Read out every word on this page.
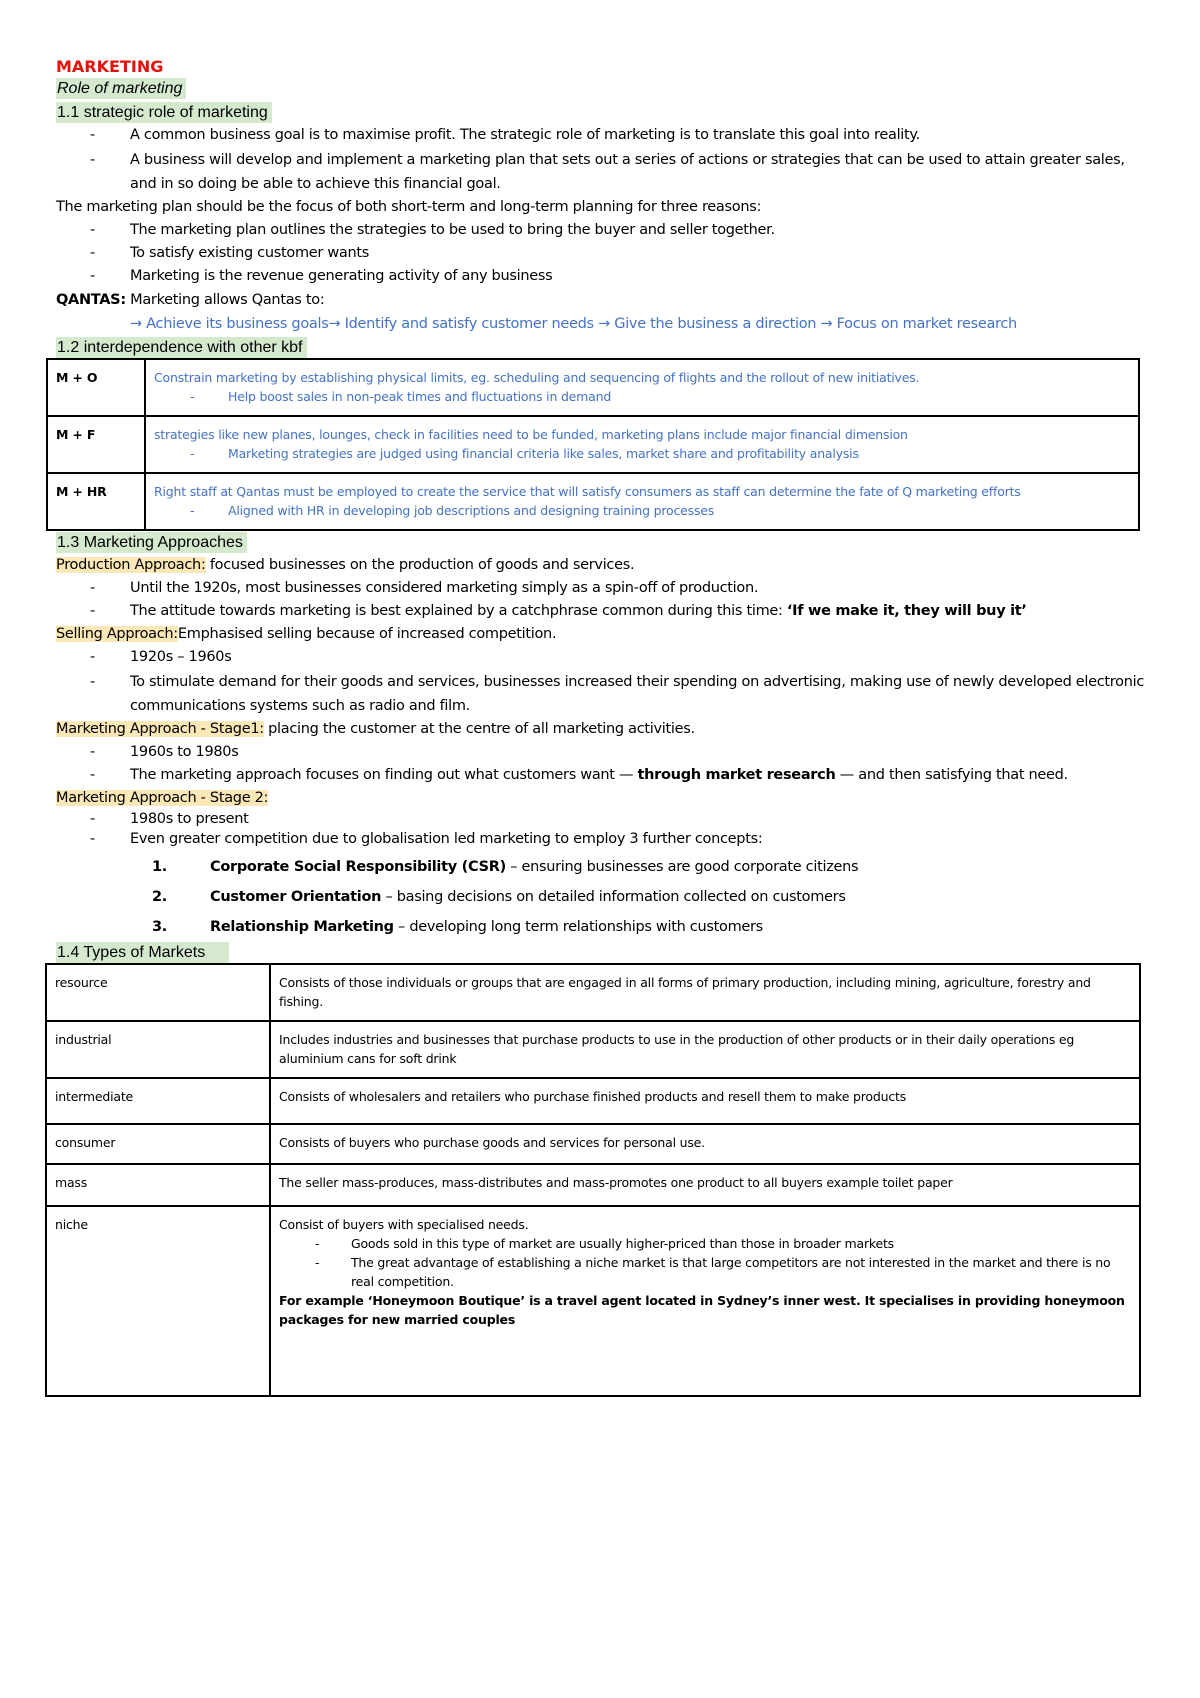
MARKETING
Role of marketing
1.1 strategic role of marketing
- A common business goal is to maximise profit. The strategic role of marketing is to translate this goal into reality.
- A business will develop and implement a marketing plan that sets out a series of actions or strategies that can be used to attain greater sales, and in so doing be able to achieve this financial goal.
The marketing plan should be the focus of both short-term and long-term planning for three reasons:
- The marketing plan outlines the strategies to be used to bring the buyer and seller together.
- To satisfy existing customer wants
- Marketing is the revenue generating activity of any business
QANTAS: Marketing allows Qantas to:
→ Achieve its business goals→ Identify and satisfy customer needs → Give the business a direction → Focus on market research
1.2 interdependence with other kbf
M + O	Constrain marketing by establishing physical limits, eg. scheduling and sequencing of flights and the rollout of new initiatives.
- Help boost sales in non-peak times and fluctuations in demand

M + F	strategies like new planes, lounges, check in facilities need to be funded, marketing plans include major financial dimension
- Marketing strategies are judged using financial criteria like sales, market share and profitability analysis

M + HR	Right staff at Qantas must be employed to create the service that will satisfy consumers as staff can determine the fate of Q marketing efforts
- Aligned with HR in developing job descriptions and designing training processes
1.3 Marketing Approaches
Production Approach: focused businesses on the production of goods and services.
- Until the 1920s, most businesses considered marketing simply as a spin-off of production.
- The attitude towards marketing is best explained by a catchphrase common during this time: ‘If we make it, they will buy it’
Selling Approach:Emphasised selling because of increased competition.
- 1920s – 1960s
- To stimulate demand for their goods and services, businesses increased their spending on advertising, making use of newly developed electronic communications systems such as radio and film.
Marketing Approach - Stage1: placing the customer at the centre of all marketing activities.
- 1960s to 1980s
- The marketing approach focuses on finding out what customers want — through market research — and then satisfying that need.
Marketing Approach - Stage 2:
- 1980s to present
- Even greater competition due to globalisation led marketing to employ 3 further concepts:
1.	Corporate Social Responsibility (CSR) – ensuring businesses are good corporate citizens
2.	Customer Orientation – basing decisions on detailed information collected on customers
3.	Relationship Marketing – developing long term relationships with customers
1.4 Types of Markets
resource	Consists of those individuals or groups that are engaged in all forms of primary production, including mining, agriculture, forestry and fishing.
industrial	Includes industries and businesses that purchase products to use in the production of other products or in their daily operations eg aluminium cans for soft drink
intermediate	Consists of wholesalers and retailers who purchase finished products and resell them to make products
consumer	Consists of buyers who purchase goods and services for personal use.
mass	The seller mass-produces, mass-distributes and mass-promotes one product to all buyers example toilet paper
niche	Consist of buyers with specialised needs.
- Goods sold in this type of market are usually higher-priced than those in broader markets
- The great advantage of establishing a niche market is that large competitors are not interested in the market and there is no real competition.
For example ‘Honeymoon Boutique’ is a travel agent located in Sydney’s inner west. It specialises in providing honeymoon packages for new married couples
